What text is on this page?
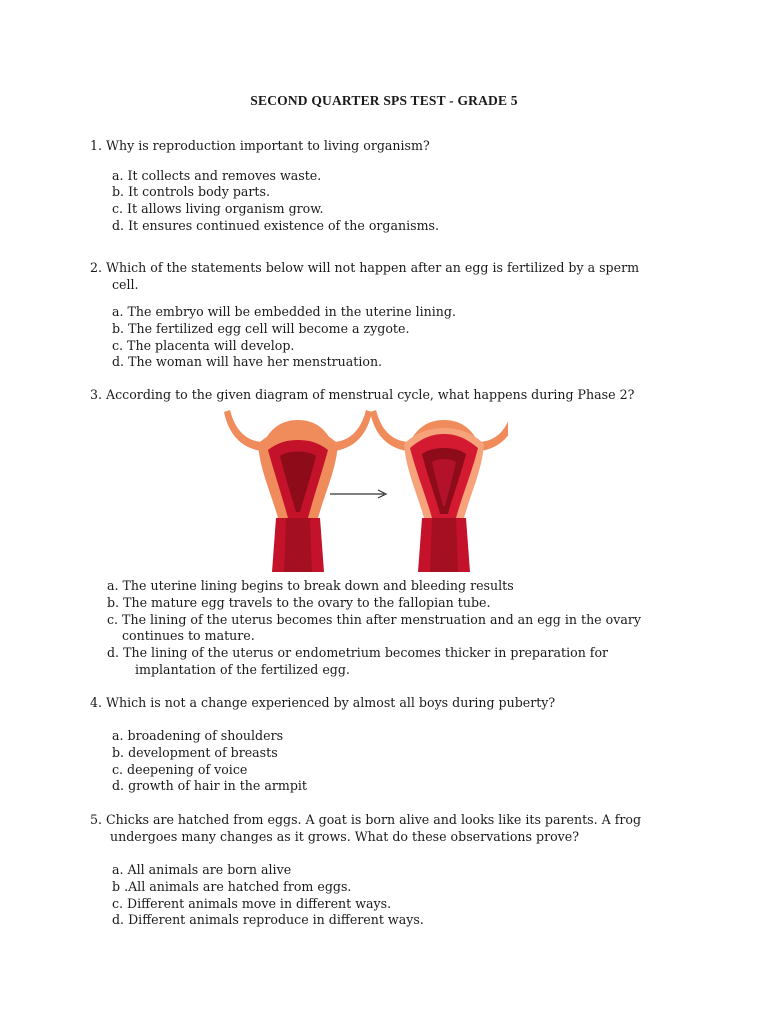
SECOND QUARTER SPS TEST - GRADE 5
1. Why is reproduction important to living organism?
a. It collects and removes waste.
b. It controls body parts.
c. It allows living organism grow.
d. It ensures continued existence of the organisms.
2. Which of the statements below will not happen after an egg is fertilized by a sperm
cell.
a. The embryo will be embedded in the uterine lining.
b. The fertilized egg cell will become a zygote.
c. The placenta will develop.
d. The woman will have her menstruation.
3. According to the given diagram of menstrual cycle, what happens during Phase 2?
a. The uterine lining begins to break down and bleeding results
b. The mature egg travels to the ovary to the fallopian tube.
c. The lining of the uterus becomes thin after menstruation and an egg in the ovary
continues to mature.
d. The lining of the uterus or endometrium becomes thicker in preparation for
implantation of the fertilized egg.
4. Which is not a change experienced by almost all boys during puberty?
a. broadening of shoulders
b. development of breasts
c. deepening of voice
d. growth of hair in the armpit
5. Chicks are hatched from eggs. A goat is born alive and looks like its parents. A frog
undergoes many changes as it grows. What do these observations prove?
a. All animals are born alive
b .All animals are hatched from eggs.
c. Different animals move in different ways.
d. Different animals reproduce in different ways.
